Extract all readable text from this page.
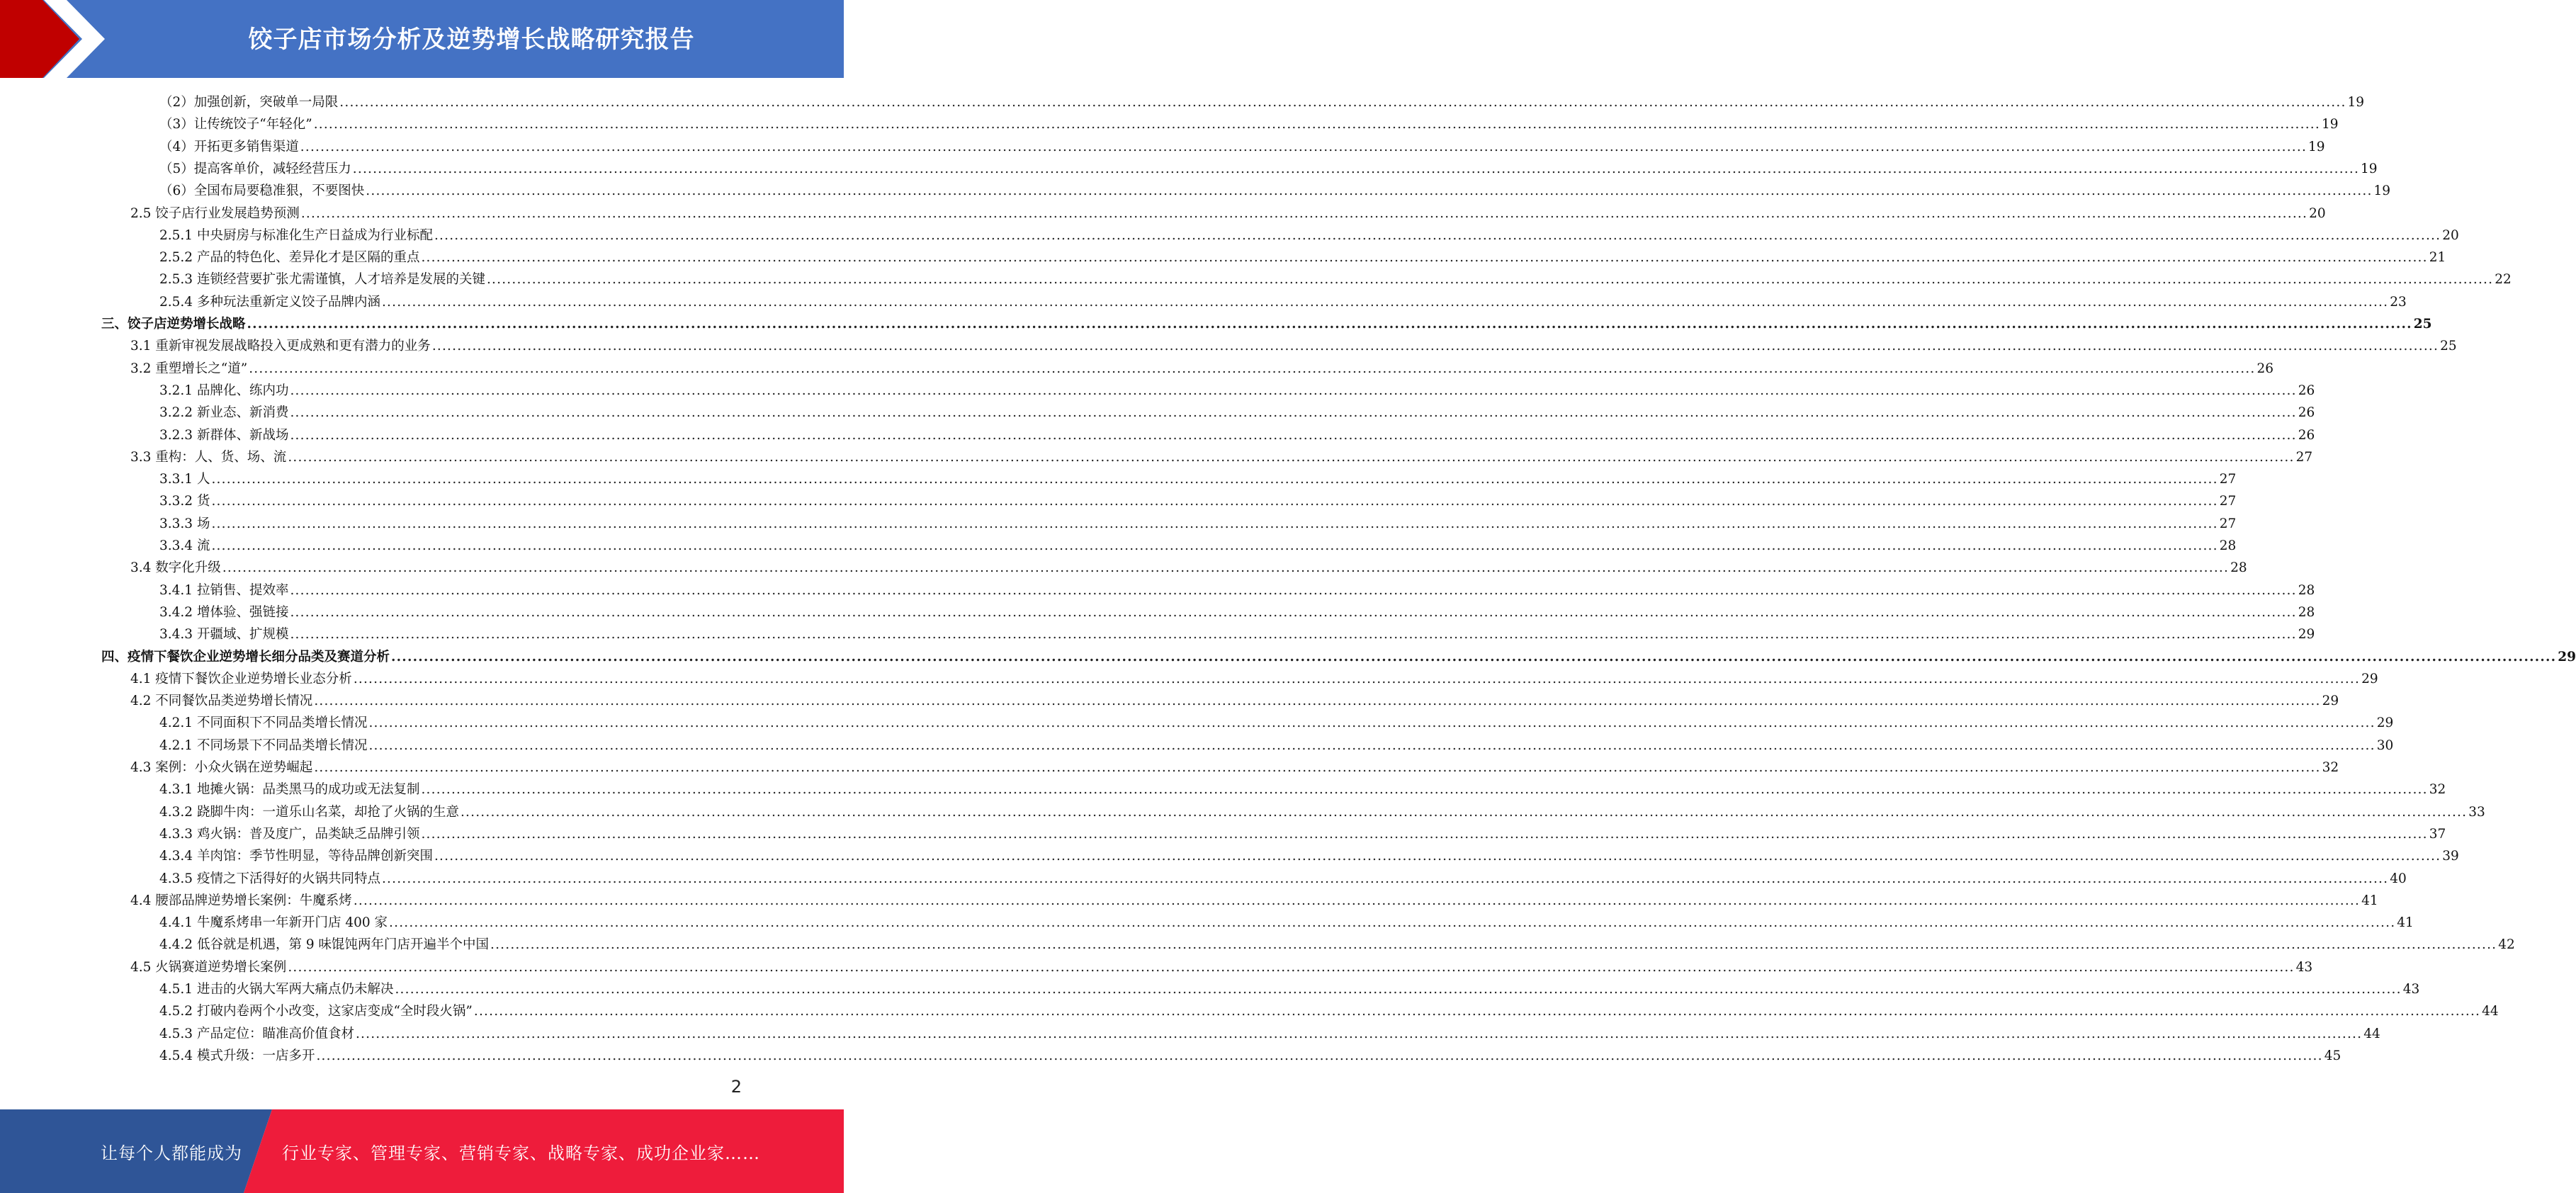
饺子店市场分析及逆势增长战略研究报告
（2）加强创新，突破单一局限 ................................................................................................................................................................................................................................................................................................................................................................................................................ 19
（3）让传统饺子“年轻化” ................................................................................................................................................................................................................................................................................................................................................................................................................ 19
（4）开拓更多销售渠道 ................................................................................................................................................................................................................................................................................................................................................................................................................ 19
（5）提高客单价，减轻经营压力 ................................................................................................................................................................................................................................................................................................................................................................................................................ 19
（6）全国布局要稳准狠，不要图快 ................................................................................................................................................................................................................................................................................................................................................................................................................ 19
2.5 饺子店行业发展趋势预测 ................................................................................................................................................................................................................................................................................................................................................................................................................ 20
2.5.1 中央厨房与标准化生产日益成为行业标配 ................................................................................................................................................................................................................................................................................................................................................................................................................ 20
2.5.2 产品的特色化、差异化才是区隔的重点 ................................................................................................................................................................................................................................................................................................................................................................................................................ 21
2.5.3 连锁经营要扩张尤需谨慎，人才培养是发展的关键 ................................................................................................................................................................................................................................................................................................................................................................................................................ 22
2.5.4 多种玩法重新定义饺子品牌内涵 ................................................................................................................................................................................................................................................................................................................................................................................................................ 23
三、饺子店逆势增长战略 ................................................................................................................................................................................................................................................................................................................................................................................................................ 25
3.1 重新审视发展战略投入更成熟和更有潜力的业务 ................................................................................................................................................................................................................................................................................................................................................................................................................ 25
3.2 重塑增长之“道” ................................................................................................................................................................................................................................................................................................................................................................................................................ 26
3.2.1 品牌化、练内功 ................................................................................................................................................................................................................................................................................................................................................................................................................ 26
3.2.2 新业态、新消费 ................................................................................................................................................................................................................................................................................................................................................................................................................ 26
3.2.3 新群体、新战场 ................................................................................................................................................................................................................................................................................................................................................................................................................ 26
3.3 重构：人、货、场、流 ................................................................................................................................................................................................................................................................................................................................................................................................................ 27
3.3.1 人 ................................................................................................................................................................................................................................................................................................................................................................................................................ 27
3.3.2 货 ................................................................................................................................................................................................................................................................................................................................................................................................................ 27
3.3.3 场 ................................................................................................................................................................................................................................................................................................................................................................................................................ 27
3.3.4 流 ................................................................................................................................................................................................................................................................................................................................................................................................................ 28
3.4 数字化升级 ................................................................................................................................................................................................................................................................................................................................................................................................................ 28
3.4.1 拉销售、提效率 ................................................................................................................................................................................................................................................................................................................................................................................................................ 28
3.4.2 增体验、强链接 ................................................................................................................................................................................................................................................................................................................................................................................................................ 28
3.4.3 开疆域、扩规模 ................................................................................................................................................................................................................................................................................................................................................................................................................ 29
四、疫情下餐饮企业逆势增长细分品类及赛道分析 ................................................................................................................................................................................................................................................................................................................................................................................................................ 29
4.1 疫情下餐饮企业逆势增长业态分析 ................................................................................................................................................................................................................................................................................................................................................................................................................ 29
4.2 不同餐饮品类逆势增长情况 ................................................................................................................................................................................................................................................................................................................................................................................................................ 29
4.2.1 不同面积下不同品类增长情况 ................................................................................................................................................................................................................................................................................................................................................................................................................ 29
4.2.1 不同场景下不同品类增长情况 ................................................................................................................................................................................................................................................................................................................................................................................................................ 30
4.3 案例：小众火锅在逆势崛起 ................................................................................................................................................................................................................................................................................................................................................................................................................ 32
4.3.1 地摊火锅：品类黑马的成功或无法复制 ................................................................................................................................................................................................................................................................................................................................................................................................................ 32
4.3.2 跷脚牛肉：一道乐山名菜，却抢了火锅的生意 ................................................................................................................................................................................................................................................................................................................................................................................................................ 33
4.3.3 鸡火锅：普及度广，品类缺乏品牌引领 ................................................................................................................................................................................................................................................................................................................................................................................................................ 37
4.3.4 羊肉馆：季节性明显，等待品牌创新突围 ................................................................................................................................................................................................................................................................................................................................................................................................................ 39
4.3.5 疫情之下活得好的火锅共同特点 ................................................................................................................................................................................................................................................................................................................................................................................................................ 40
4.4 腰部品牌逆势增长案例：牛魔系烤 ................................................................................................................................................................................................................................................................................................................................................................................................................ 41
4.4.1 牛魔系烤串一年新开门店 400 家 ................................................................................................................................................................................................................................................................................................................................................................................................................ 41
4.4.2 低谷就是机遇，第 9 味馄饨两年门店开遍半个中国 ................................................................................................................................................................................................................................................................................................................................................................................................................ 42
4.5 火锅赛道逆势增长案例 ................................................................................................................................................................................................................................................................................................................................................................................................................ 43
4.5.1 进击的火锅大军两大痛点仍未解决 ................................................................................................................................................................................................................................................................................................................................................................................................................ 43
4.5.2 打破内卷两个小改变，这家店变成“全时段火锅” ................................................................................................................................................................................................................................................................................................................................................................................................................ 44
4.5.3 产品定位：瞄准高价值食材 ................................................................................................................................................................................................................................................................................................................................................................................................................ 44
4.5.4 模式升级：一店多开 ................................................................................................................................................................................................................................................................................................................................................................................................................ 45
2
让每个人都能成为 行业专家、管理专家、营销专家、战略专家、成功企业家……
